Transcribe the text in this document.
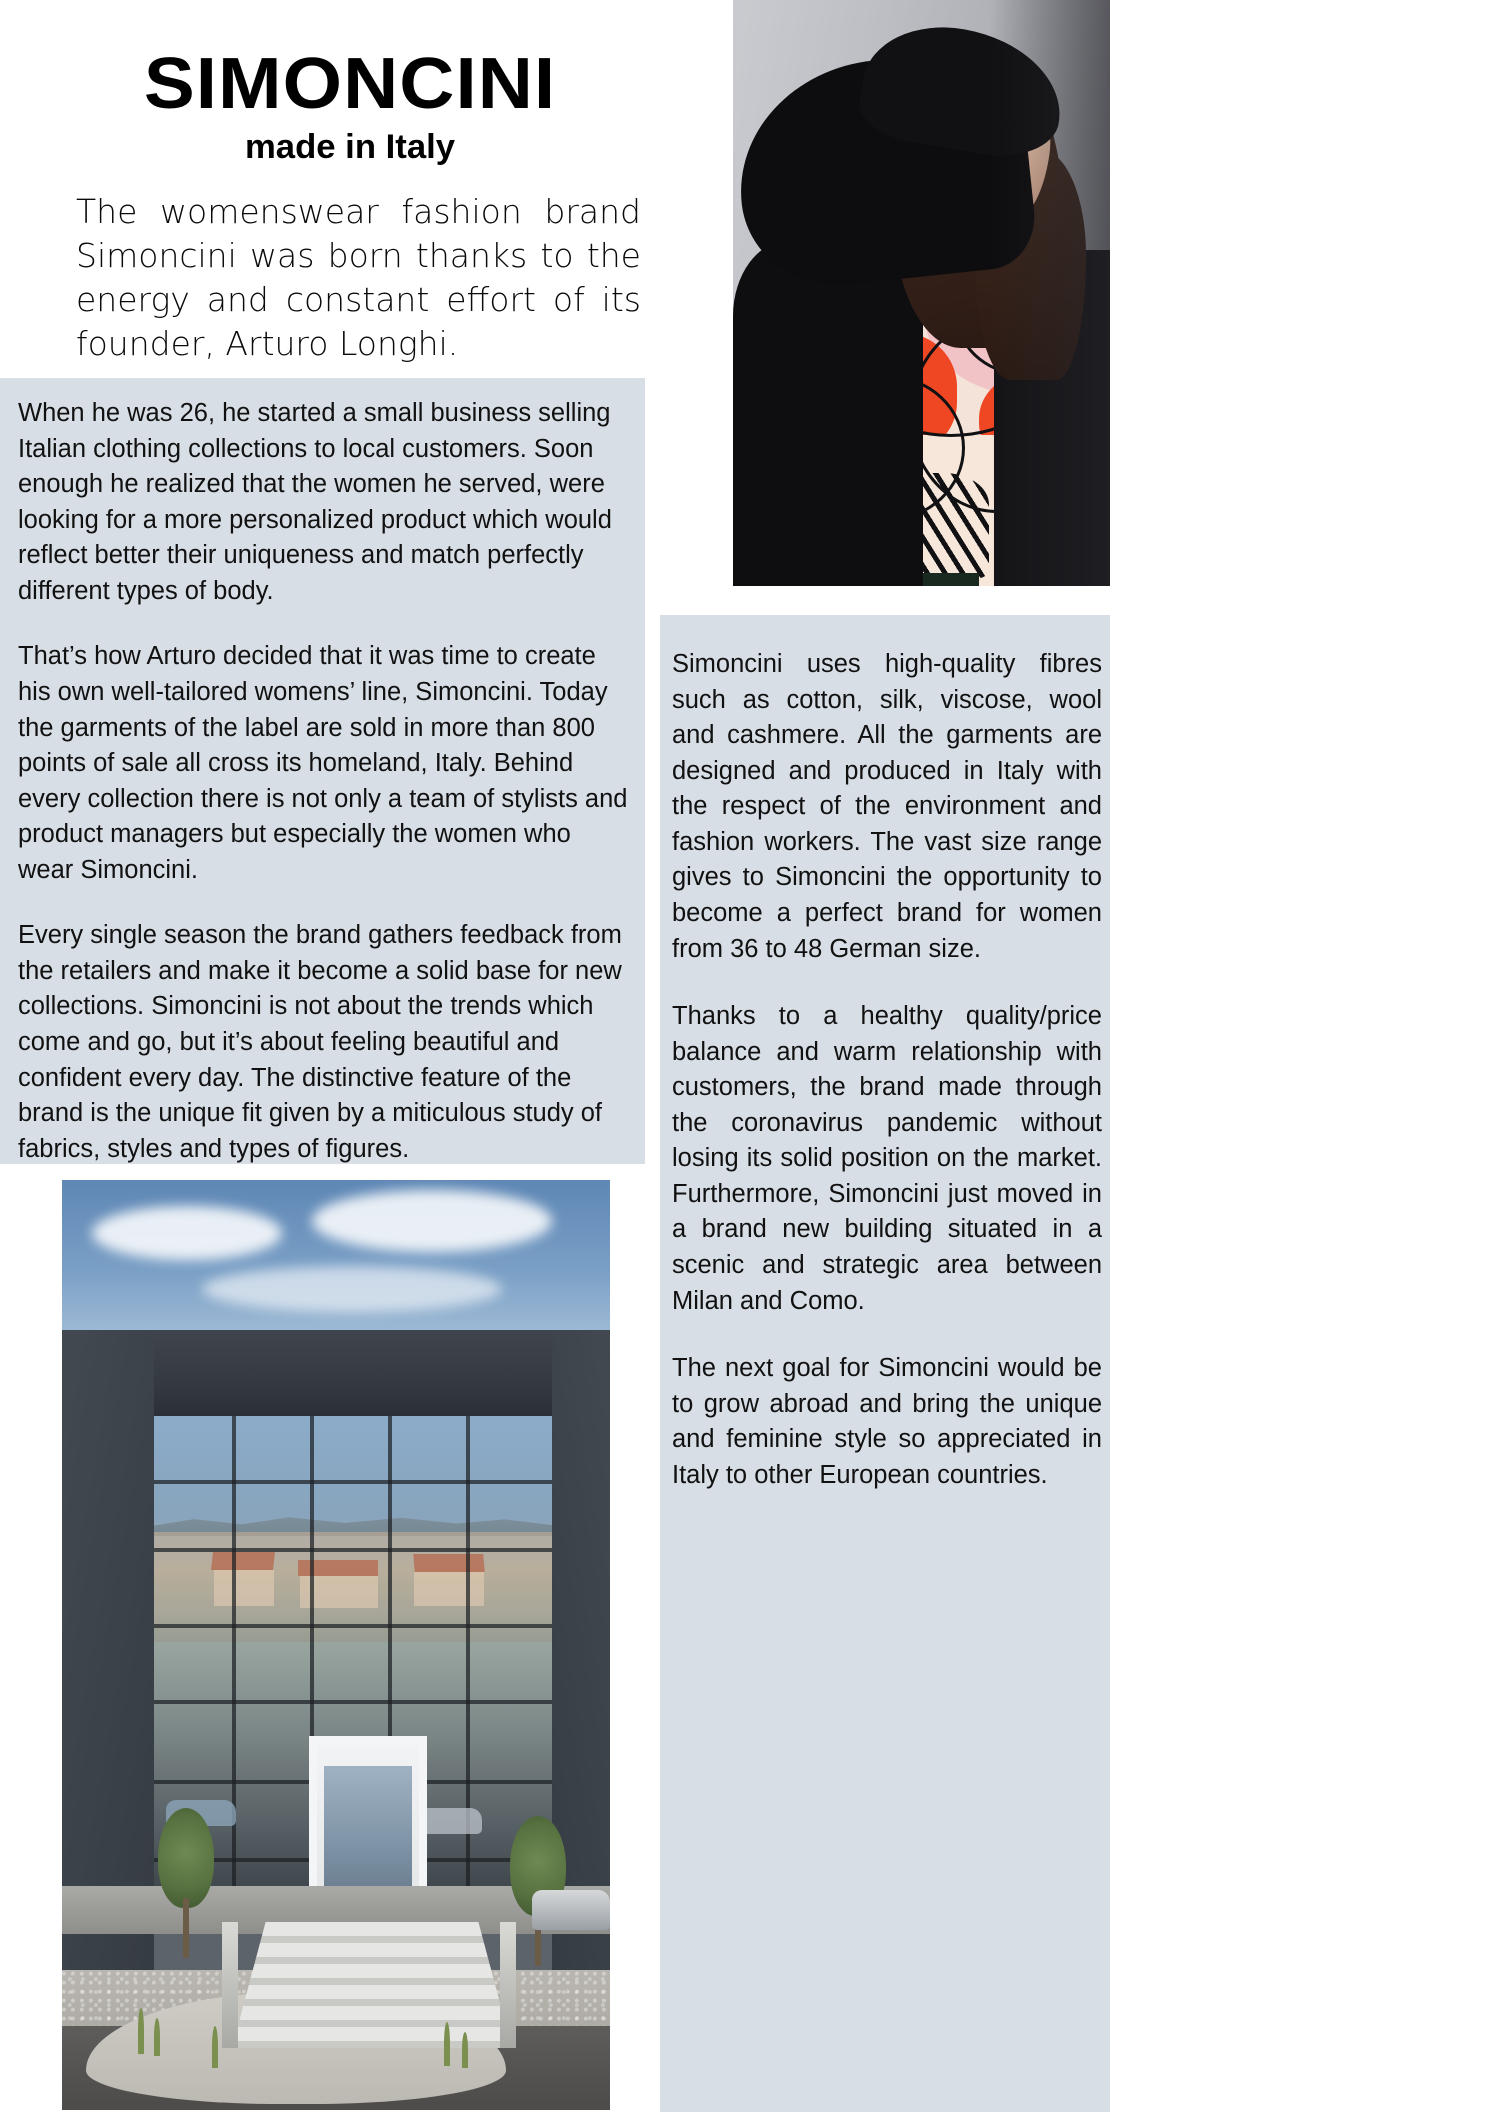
SIMONCINI
made in Italy
The womenswear fashion brand Simoncini was born thanks to the energy and constant effort of its founder, Arturo Longhi.

When he was 26, he started a small business selling Italian clothing collections to local customers. Soon enough he realized that the women he served, were looking for a more personalized product which would reflect better their uniqueness and match perfectly different types of body.

That’s how Arturo decided that it was time to create his own well-tailored womens’ line, Simoncini. Today the garments of the label are sold in more than 800 points of sale all cross its homeland, Italy. Behind every collection there is not only a team of stylists and product managers but especially the women who wear Simoncini.

Every single season the brand gathers feedback from the retailers and make it become a solid base for new collections. Simoncini is not about the trends which come and go, but it’s about feeling beautiful and confident every day. The distinctive feature of the brand is the unique fit given by a miticulous study of fabrics, styles and types of figures.

Simoncini uses high-quality fibres such as cotton, silk, viscose, wool and cashmere. All the garments are designed and produced in Italy with the respect of the environment and fashion workers. The vast size range gives to Simoncini the opportunity to become a perfect brand for women from 36 to 48 German size.

Thanks to a healthy quality/price balance and warm relationship with customers, the brand made through the coronavirus pandemic without losing its solid position on the market. Furthermore, Simoncini just moved in a brand new building situated in a scenic and strategic area between Milan and Como.

The next goal for Simoncini would be to grow abroad and bring the unique and feminine style so appreciated in Italy to other European countries.
